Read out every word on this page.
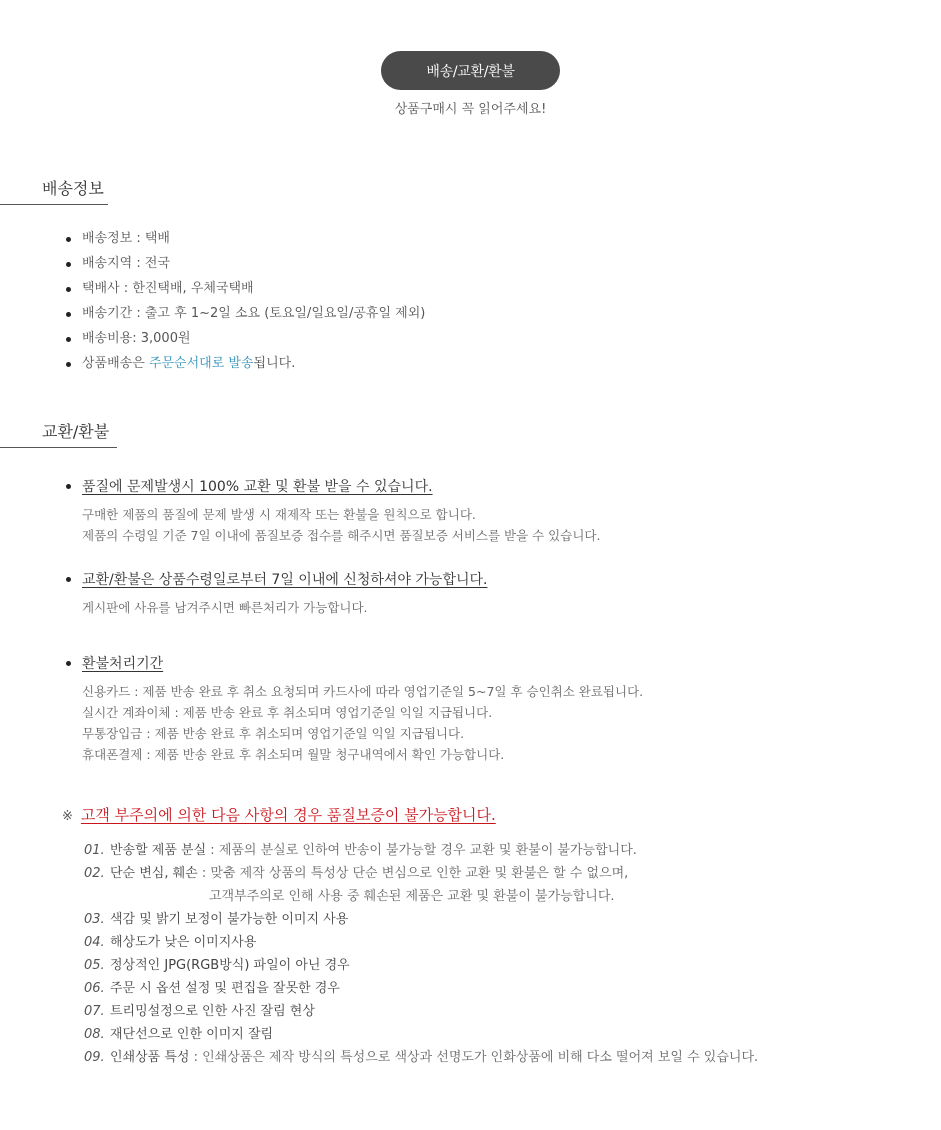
배송/교환/환불
상품구매시 꼭 읽어주세요!
배송정보
배송정보 : 택배
배송지역 : 전국
택배사 : 한진택배, 우체국택배
배송기간 : 출고 후 1~2일 소요 (토요일/일요일/공휴일 제외)
배송비용: 3,000원
상품배송은 주문순서대로 발송됩니다.
교환/환불
품질에 문제발생시 100% 교환 및 환불 받을 수 있습니다.
구매한 제품의 품질에 문제 발생 시 재제작 또는 환불을 원칙으로 합니다.
제품의 수령일 기준 7일 이내에 품질보증 접수를 해주시면 품질보증 서비스를 받을 수 있습니다.
교환/환불은 상품수령일로부터 7일 이내에 신청하셔야 가능합니다.
게시판에 사유를 남겨주시면 빠른처리가 가능합니다.
환불처리기간
신용카드 : 제품 반송 완료 후 취소 요청되며 카드사에 따라 영업기준일 5~7일 후 승인취소 완료됩니다.
실시간 계좌이체 : 제품 반송 완료 후 취소되며 영업기준일 익일 지급됩니다.
무통장입금 : 제품 반송 완료 후 취소되며 영업기준일 익일 지급됩니다.
휴대폰결제 : 제품 반송 완료 후 취소되며 월말 청구내역에서 확인 가능합니다.
※ 고객 부주의에 의한 다음 사항의 경우 품질보증이 불가능합니다.
01. 반송할 제품 분실 : 제품의 분실로 인하여 반송이 불가능할 경우 교환 및 환불이 불가능합니다.
02. 단순 변심, 훼손 : 맞춤 제작 상품의 특성상 단순 변심으로 인한 교환 및 환불은 할 수 없으며,
고객부주의로 인해 사용 중 훼손된 제품은 교환 및 환불이 불가능합니다.
03. 색감 및 밝기 보정이 불가능한 이미지 사용
04. 해상도가 낮은 이미지사용
05. 정상적인 JPG(RGB방식) 파일이 아닌 경우
06. 주문 시 옵션 설정 및 편집을 잘못한 경우
07. 트리밍설정으로 인한 사진 잘림 현상
08. 재단선으로 인한 이미지 잘림
09. 인쇄상품 특성 : 인쇄상품은 제작 방식의 특성으로 색상과 선명도가 인화상품에 비해 다소 떨어져 보일 수 있습니다.
